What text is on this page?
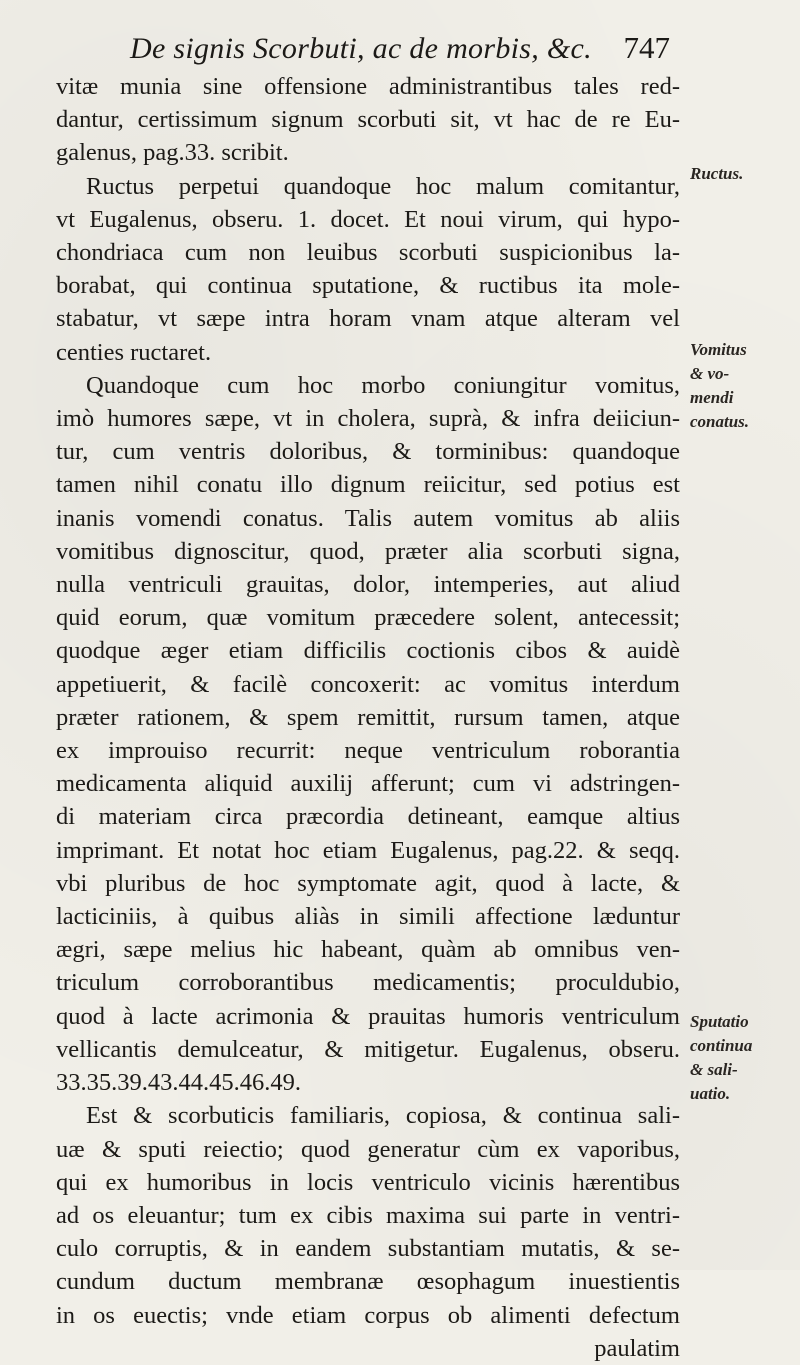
De signis Scorbuti, ac de morbis, &c. 747
vitæ munia sine offensione administrantibus tales red-
dantur, certissimum signum scorbuti sit, vt hac de re Eu-
galenus, pag.33. scribit.
Ructus perpetui quandoque hoc malum comitantur,
vt Eugalenus, obseru. 1. docet. Et noui virum, qui hypo-
chondriaca cum non leuibus scorbuti suspicionibus la-
borabat, qui continua sputatione, & ructibus ita mole-
stabatur, vt sæpe intra horam vnam atque alteram vel
centies ructaret.
Quandoque cum hoc morbo coniungitur vomitus,
imò humores sæpe, vt in cholera, suprà, & infra deiiciun-
tur, cum ventris doloribus, & torminibus: quandoque
tamen nihil conatu illo dignum reiicitur, sed potius est
inanis vomendi conatus. Talis autem vomitus ab aliis
vomitibus dignoscitur, quod, præter alia scorbuti signa,
nulla ventriculi grauitas, dolor, intemperies, aut aliud
quid eorum, quæ vomitum præcedere solent, antecessit;
quodque æger etiam difficilis coctionis cibos & auidè
appetiuerit, & facilè concoxerit: ac vomitus interdum
præter rationem, & spem remittit, rursum tamen, atque
ex improuiso recurrit: neque ventriculum roborantia
medicamenta aliquid auxilij afferunt; cum vi adstringen-
di materiam circa præcordia detineant, eamque altius
imprimant. Et notat hoc etiam Eugalenus, pag.22. & seqq.
vbi pluribus de hoc symptomate agit, quod à lacte, &
lacticiniis, à quibus aliàs in simili affectione læduntur
ægri, sæpe melius hic habeant, quàm ab omnibus ven-
triculum corroborantibus medicamentis; proculdubio,
quod à lacte acrimonia & prauitas humoris ventriculum
vellicantis demulceatur, & mitigetur. Eugalenus, obseru.
33.35.39.43.44.45.46.49.
Est & scorbuticis familiaris, copiosa, & continua sali-
uæ & sputi reiectio; quod generatur cùm ex vaporibus,
qui ex humoribus in locis ventriculo vicinis hærentibus
ad os eleuantur; tum ex cibis maxima sui parte in ventri-
culo corruptis, & in eandem substantiam mutatis, & se-
cundum ductum membranæ œsophagum inuestientis
in os euectis; vnde etiam corpus ob alimenti defectum
paulatim
Ructus.
Vomitus
& vo-
mendi
conatus.
Sputatio
continua
& sali-
uatio.
